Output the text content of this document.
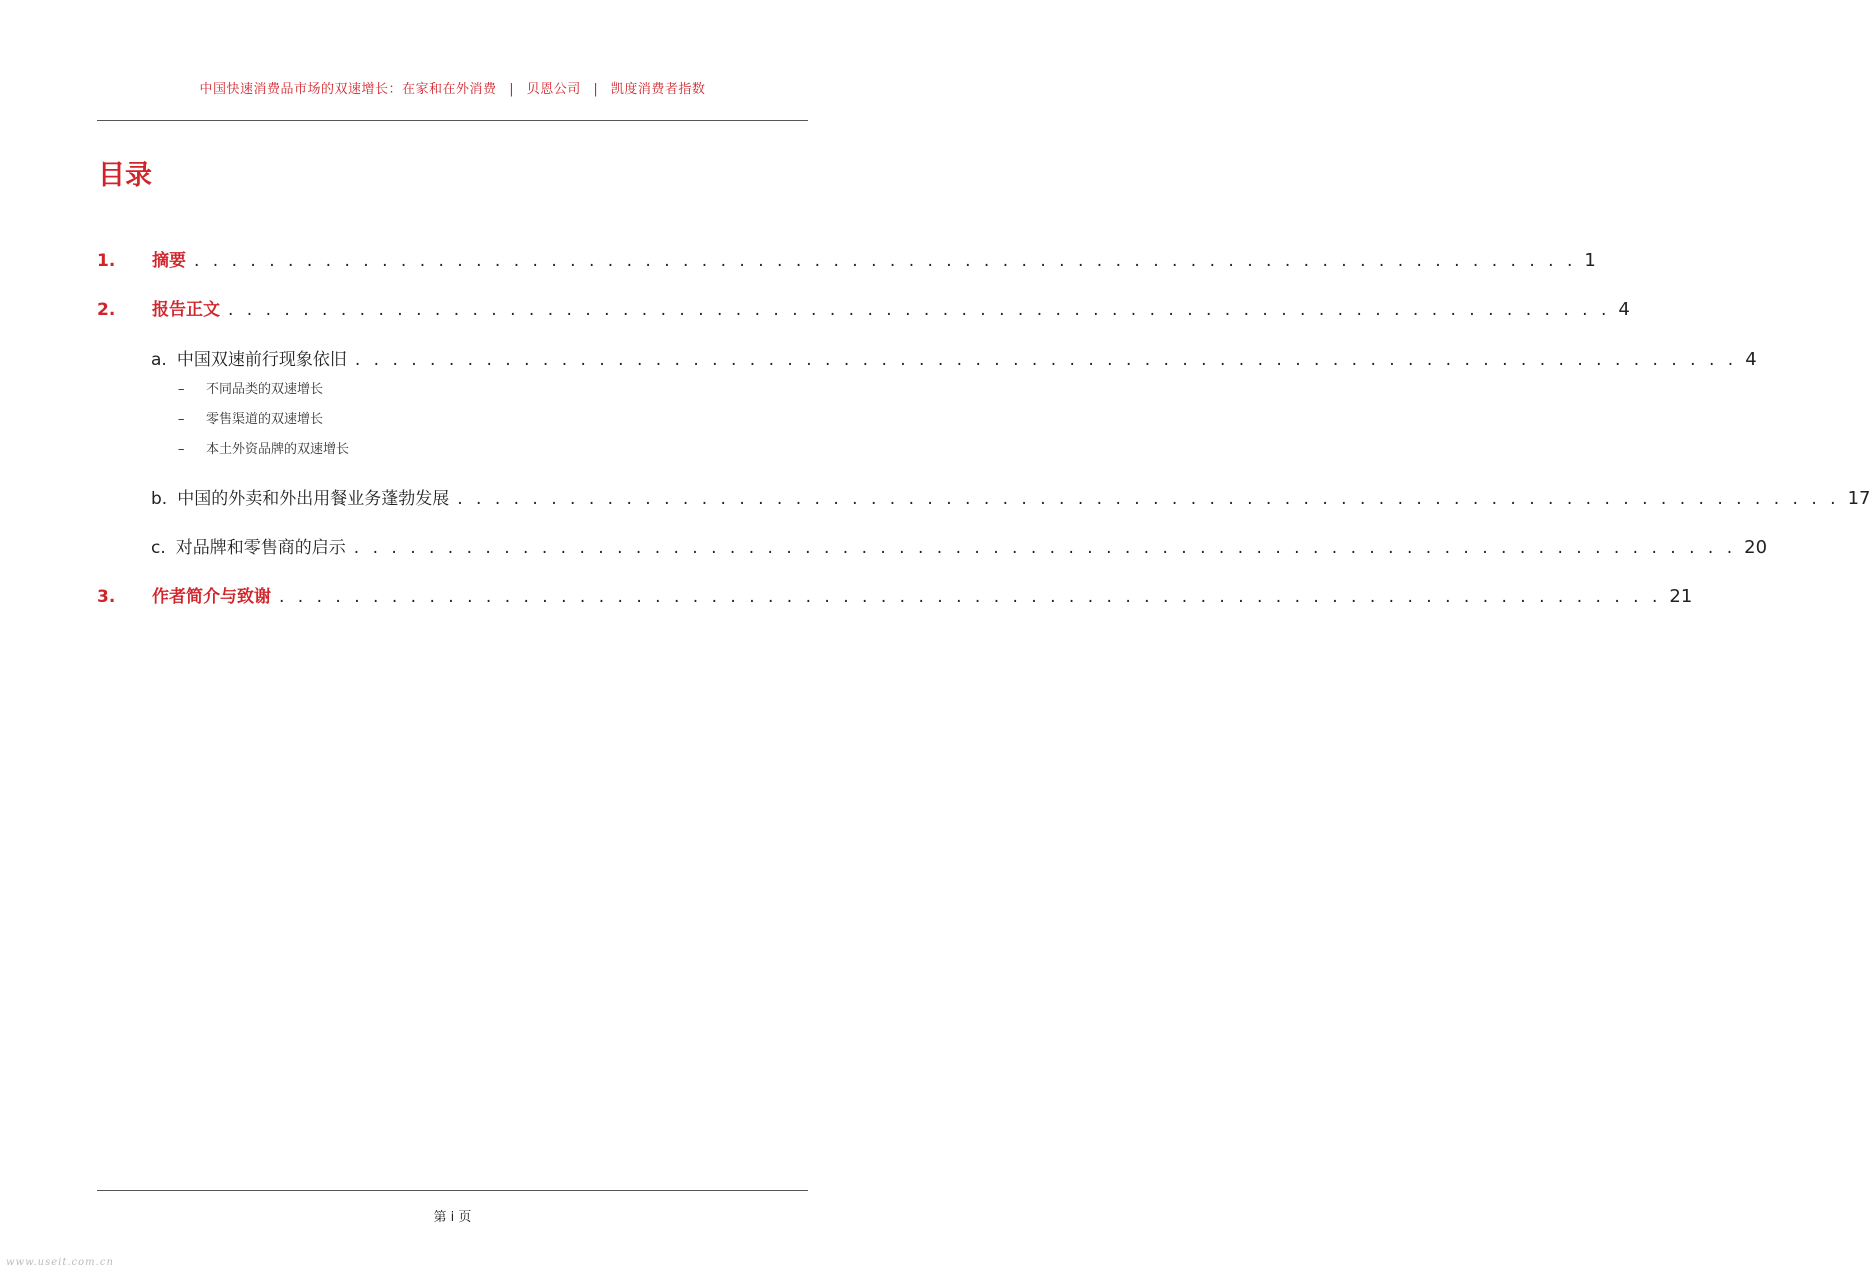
中国快速消费品市场的双速增长：在家和在外消费 | 贝恩公司 | 凯度消费者指数
目录
1. 摘要 . . . . . . . . . . . . . . . . . . . . . . . . . . . . . . . . . . . . . . . . . . . . . . . . . . . . . . . . . . . . . . . . . . . . . . . . . . 1
2. 报告正文 . . . . . . . . . . . . . . . . . . . . . . . . . . . . . . . . . . . . . . . . . . . . . . . . . . . . . . . . . . . . . . . . . . . . . . . . . . 4
a. 中国双速前行现象依旧 . . . . . . . . . . . . . . . . . . . . . . . . . . . . . . . . . . . . . . . . . . . . . . . . . . . . . . . . . . . . . . . . . . . . . . . . . . 4
– 不同品类的双速增长
– 零售渠道的双速增长
– 本土外资品牌的双速增长
b. 中国的外卖和外出用餐业务蓬勃发展 . . . . . . . . . . . . . . . . . . . . . . . . . . . . . . . . . . . . . . . . . . . . . . . . . . . . . . . . . . . . . . . . . . . . . . . . . . 17
c. 对品牌和零售商的启示 . . . . . . . . . . . . . . . . . . . . . . . . . . . . . . . . . . . . . . . . . . . . . . . . . . . . . . . . . . . . . . . . . . . . . . . . . . 20
3. 作者简介与致谢 . . . . . . . . . . . . . . . . . . . . . . . . . . . . . . . . . . . . . . . . . . . . . . . . . . . . . . . . . . . . . . . . . . . . . . . . . . 21
第 i 页
www.useit.com.cn
